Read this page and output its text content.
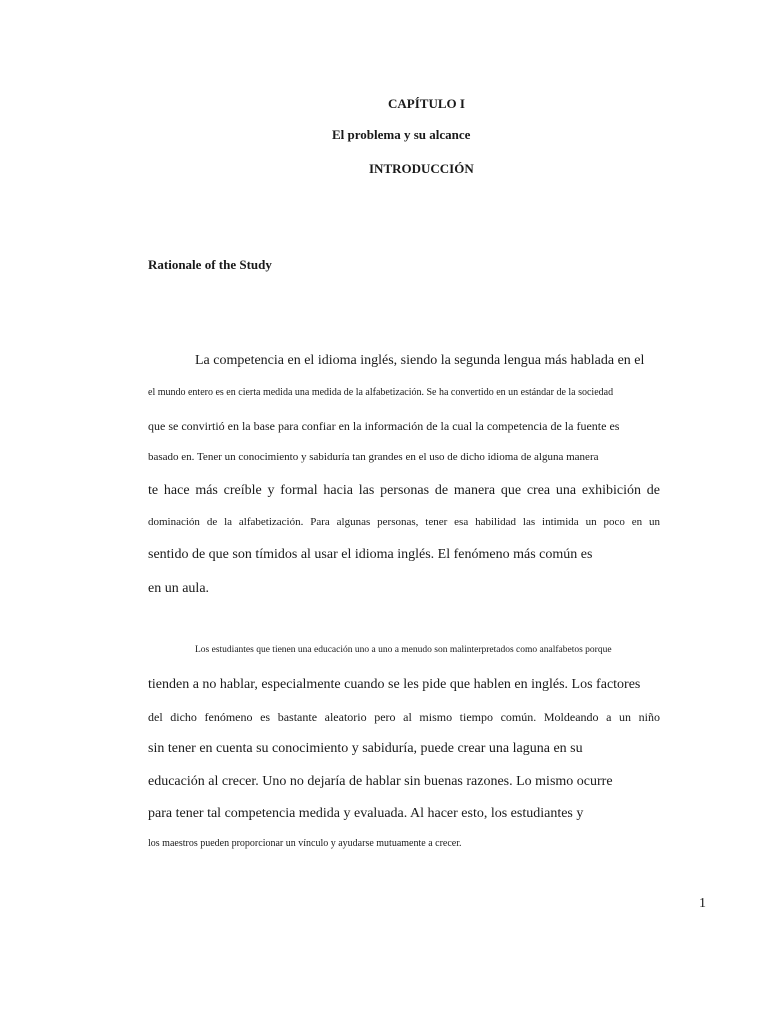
CAPÍTULO I

El problema y su alcance

INTRODUCCIÓN

Rationale of the Study

La competencia en el idioma inglés, siendo la segunda lengua más hablada en el

el mundo entero es en cierta medida una medida de la alfabetización. Se ha convertido en un estándar de la sociedad

que se convirtió en la base para confiar en la información de la cual la competencia de la fuente es

basado en. Tener un conocimiento y sabiduría tan grandes en el uso de dicho idioma de alguna manera

te hace más creíble y formal hacia las personas de manera que crea una exhibición de

dominación de la alfabetización. Para algunas personas, tener esa habilidad las intimida un poco en un

sentido de que son tímidos al usar el idioma inglés. El fenómeno más común es

en un aula.

Los estudiantes que tienen una educación uno a uno a menudo son malinterpretados como analfabetos porque

tienden a no hablar, especialmente cuando se les pide que hablen en inglés. Los factores

del dicho fenómeno es bastante aleatorio pero al mismo tiempo común. Moldeando a un niño

sin tener en cuenta su conocimiento y sabiduría, puede crear una laguna en su

educación al crecer. Uno no dejaría de hablar sin buenas razones. Lo mismo ocurre

para tener tal competencia medida y evaluada. Al hacer esto, los estudiantes y

los maestros pueden proporcionar un vínculo y ayudarse mutuamente a crecer.

1
